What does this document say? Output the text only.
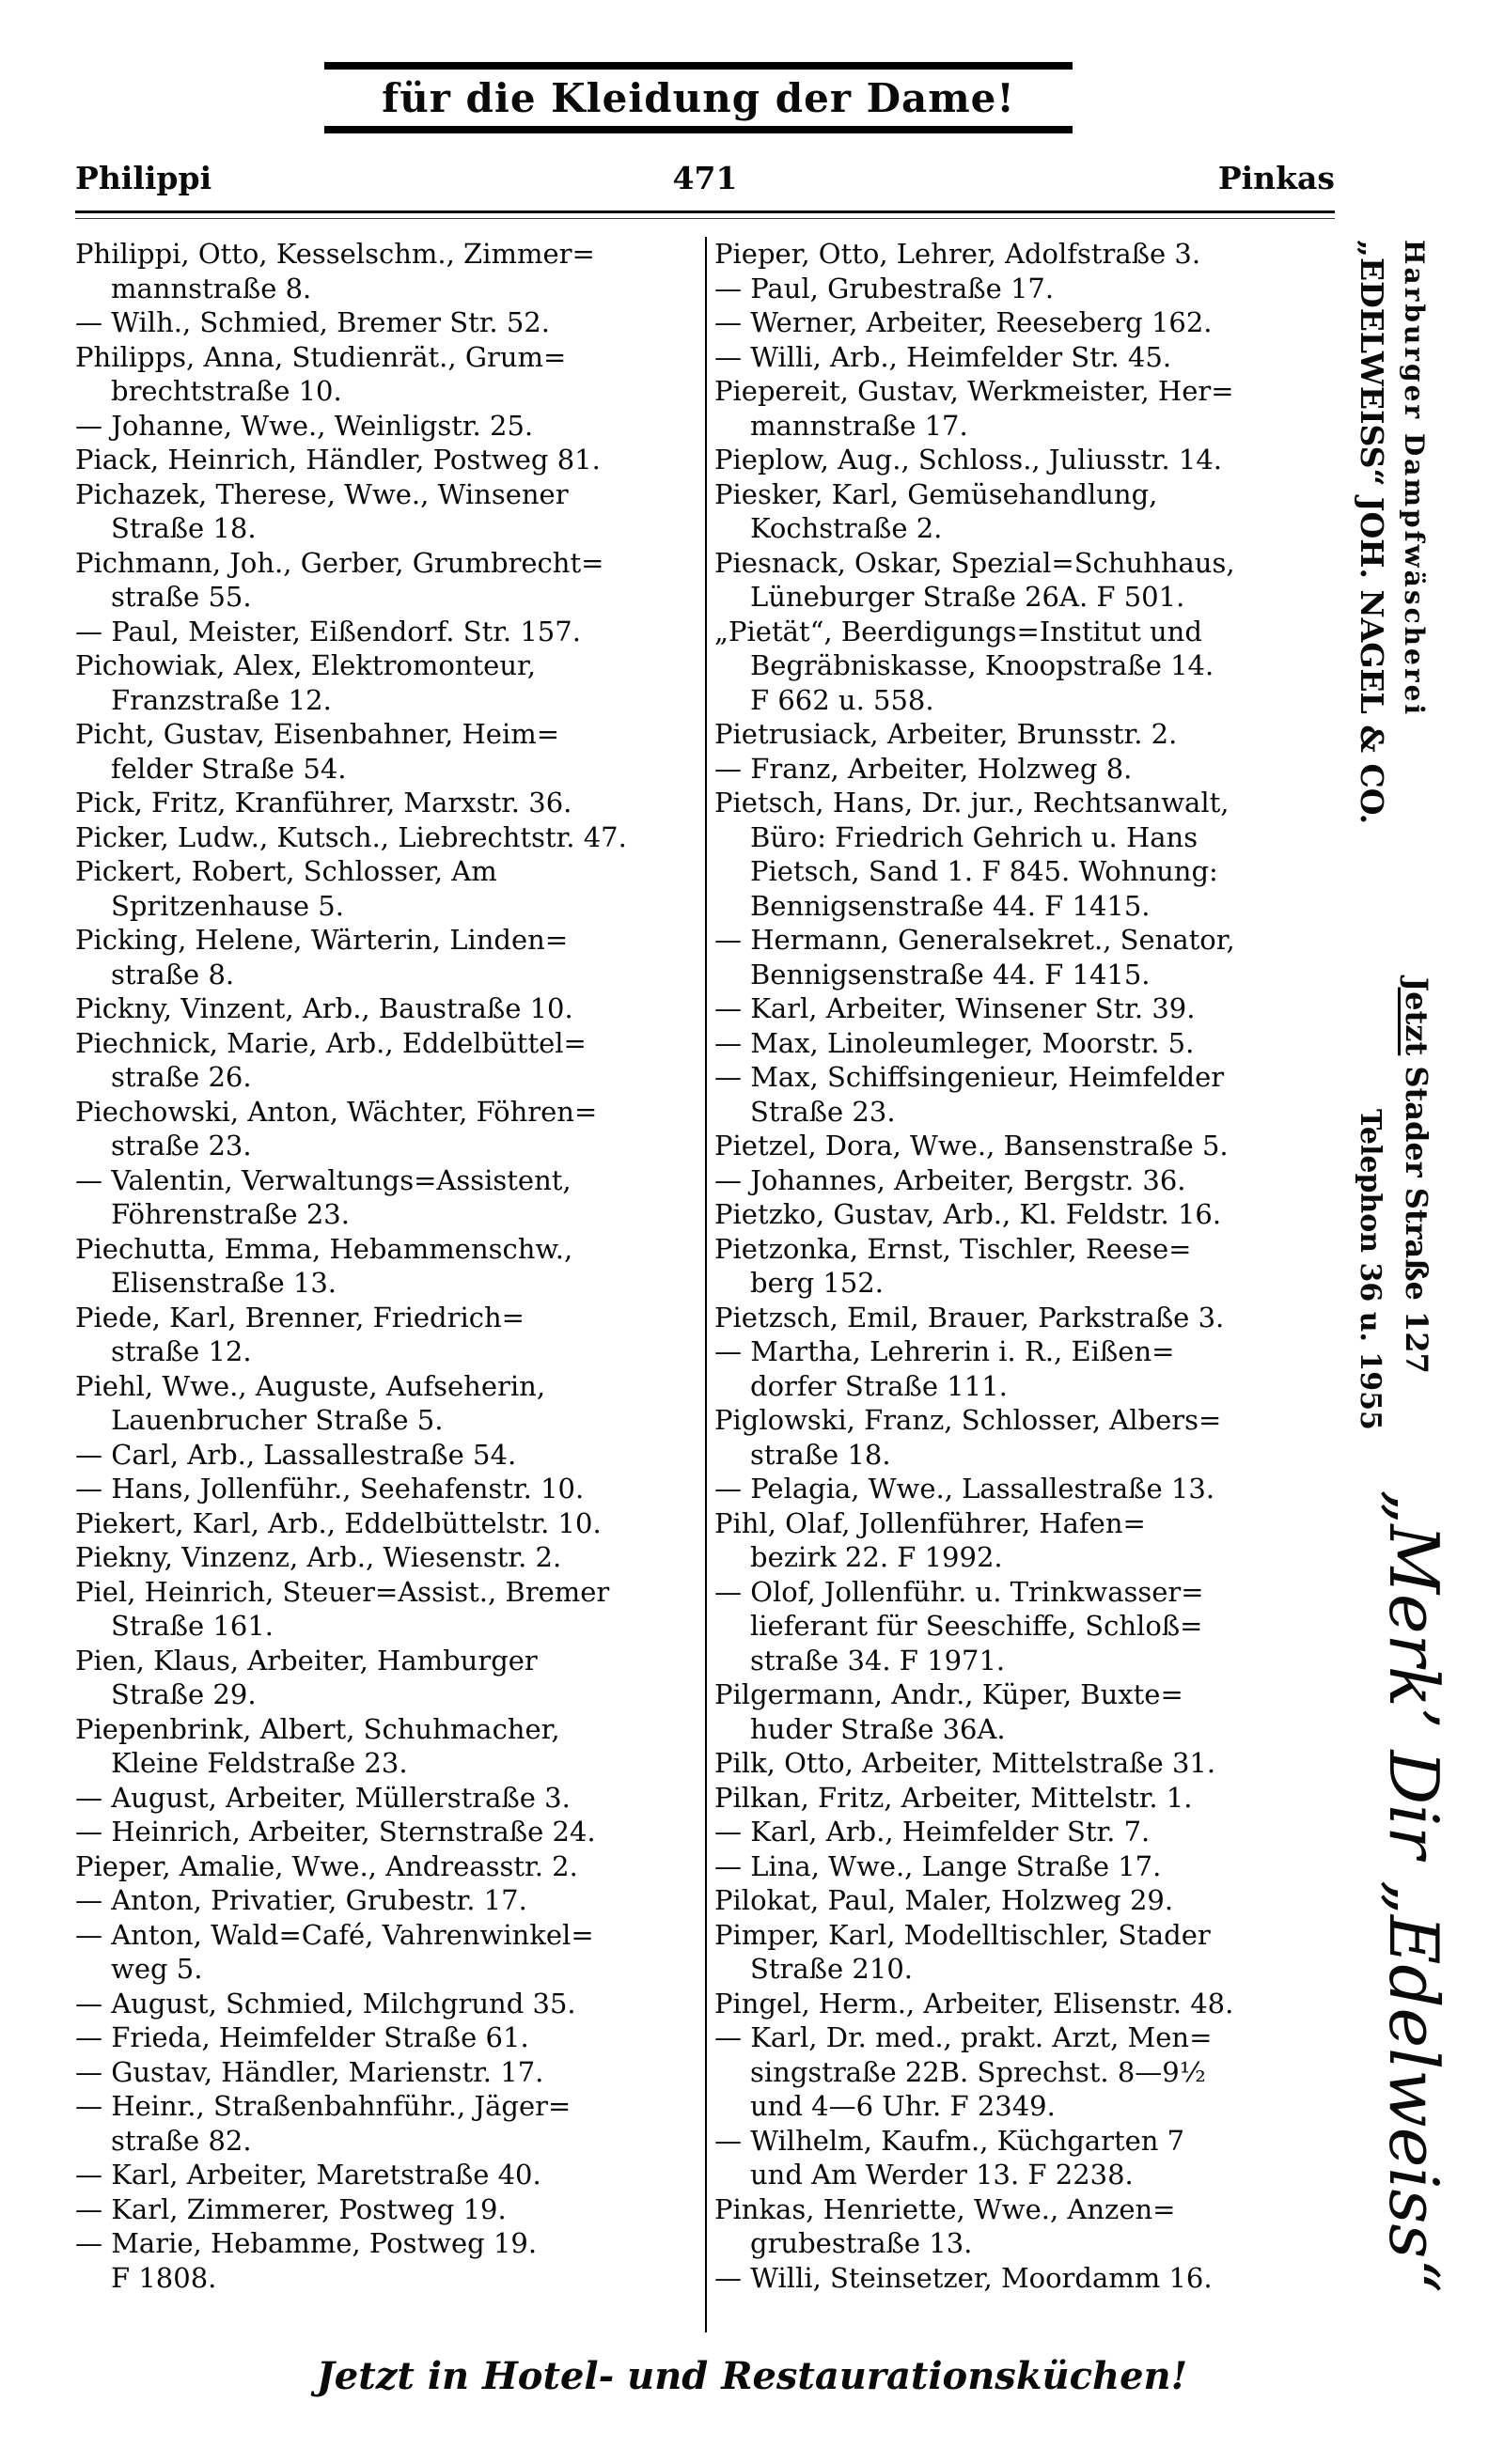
für die Kleidung der Dame!
Philippi	471	Pinkas
Philippi, Otto, Kesselschm., Zimmer=
mannstraße 8.
— Wilh., Schmied, Bremer Str. 52.
Philipps, Anna, Studienrät., Grum=
brechtstraße 10.
— Johanne, Wwe., Weinligstr. 25.
Piack, Heinrich, Händler, Postweg 81.
Pichazek, Therese, Wwe., Winsener
Straße 18.
Pichmann, Joh., Gerber, Grumbrecht=
straße 55.
— Paul, Meister, Eißendorf. Str. 157.
Pichowiak, Alex, Elektromonteur,
Franzstraße 12.
Picht, Gustav, Eisenbahner, Heim=
felder Straße 54.
Pick, Fritz, Kranführer, Marxstr. 36.
Picker, Ludw., Kutsch., Liebrechtstr. 47.
Pickert, Robert, Schlosser, Am
Spritzenhause 5.
Picking, Helene, Wärterin, Linden=
straße 8.
Pickny, Vinzent, Arb., Baustraße 10.
Piechnick, Marie, Arb., Eddelbüttel=
straße 26.
Piechowski, Anton, Wächter, Föhren=
straße 23.
— Valentin, Verwaltungs=Assistent,
Föhrenstraße 23.
Piechutta, Emma, Hebammenschw.,
Elisenstraße 13.
Piede, Karl, Brenner, Friedrich=
straße 12.
Piehl, Wwe., Auguste, Aufseherin,
Lauenbrucher Straße 5.
— Carl, Arb., Lassallestraße 54.
— Hans, Jollenführ., Seehafenstr. 10.
Piekert, Karl, Arb., Eddelbüttelstr. 10.
Piekny, Vinzenz, Arb., Wiesenstr. 2.
Piel, Heinrich, Steuer=Assist., Bremer
Straße 161.
Pien, Klaus, Arbeiter, Hamburger
Straße 29.
Piepenbrink, Albert, Schuhmacher,
Kleine Feldstraße 23.
— August, Arbeiter, Müllerstraße 3.
— Heinrich, Arbeiter, Sternstraße 24.
Pieper, Amalie, Wwe., Andreasstr. 2.
— Anton, Privatier, Grubestr. 17.
— Anton, Wald=Café, Vahrenwinkel=
weg 5.
— August, Schmied, Milchgrund 35.
— Frieda, Heimfelder Straße 61.
— Gustav, Händler, Marienstr. 17.
— Heinr., Straßenbahnführ., Jäger=
straße 82.
— Karl, Arbeiter, Maretstraße 40.
— Karl, Zimmerer, Postweg 19.
— Marie, Hebamme, Postweg 19.
F 1808.
Pieper, Otto, Lehrer, Adolfstraße 3.
— Paul, Grubestraße 17.
— Werner, Arbeiter, Reeseberg 162.
— Willi, Arb., Heimfelder Str. 45.
Piepereit, Gustav, Werkmeister, Her=
mannstraße 17.
Pieplow, Aug., Schloss., Juliusstr. 14.
Piesker, Karl, Gemüsehandlung,
Kochstraße 2.
Piesnack, Oskar, Spezial=Schuhhaus,
Lüneburger Straße 26A. F 501.
„Pietät“, Beerdigungs=Institut und
Begräbniskasse, Knoopstraße 14.
F 662 u. 558.
Pietrusiack, Arbeiter, Brunsstr. 2.
— Franz, Arbeiter, Holzweg 8.
Pietsch, Hans, Dr. jur., Rechtsanwalt,
Büro: Friedrich Gehrich u. Hans
Pietsch, Sand 1. F 845. Wohnung:
Bennigsenstraße 44. F 1415.
— Hermann, Generalsekret., Senator,
Bennigsenstraße 44. F 1415.
— Karl, Arbeiter, Winsener Str. 39.
— Max, Linoleumleger, Moorstr. 5.
— Max, Schiffsingenieur, Heimfelder
Straße 23.
Pietzel, Dora, Wwe., Bansenstraße 5.
— Johannes, Arbeiter, Bergstr. 36.
Pietzko, Gustav, Arb., Kl. Feldstr. 16.
Pietzonka, Ernst, Tischler, Reese=
berg 152.
Pietzsch, Emil, Brauer, Parkstraße 3.
— Martha, Lehrerin i. R., Eißen=
dorfer Straße 111.
Piglowski, Franz, Schlosser, Albers=
straße 18.
— Pelagia, Wwe., Lassallestraße 13.
Pihl, Olaf, Jollenführer, Hafen=
bezirk 22. F 1992.
— Olof, Jollenführ. u. Trinkwasser=
lieferant für Seeschiffe, Schloß=
straße 34. F 1971.
Pilgermann, Andr., Küper, Buxte=
huder Straße 36A.
Pilk, Otto, Arbeiter, Mittelstraße 31.
Pilkan, Fritz, Arbeiter, Mittelstr. 1.
— Karl, Arb., Heimfelder Str. 7.
— Lina, Wwe., Lange Straße 17.
Pilokat, Paul, Maler, Holzweg 29.
Pimper, Karl, Modelltischler, Stader
Straße 210.
Pingel, Herm., Arbeiter, Elisenstr. 48.
— Karl, Dr. med., prakt. Arzt, Men=
singstraße 22B. Sprechst. 8—9½
und 4—6 Uhr. F 2349.
— Wilhelm, Kaufm., Küchgarten 7
und Am Werder 13. F 2238.
Pinkas, Henriette, Wwe., Anzen=
grubestraße 13.
— Willi, Steinsetzer, Moordamm 16.
Harburger Dampfwäscherei
„EDELWEISS“ JOH. NAGEL & CO.
Jetzt Stader Straße 127
Telephon 36 u. 1955
„Merk’ Dir „Edelweiss“
Jetzt in Hotel- und Restaurationsküchen!
